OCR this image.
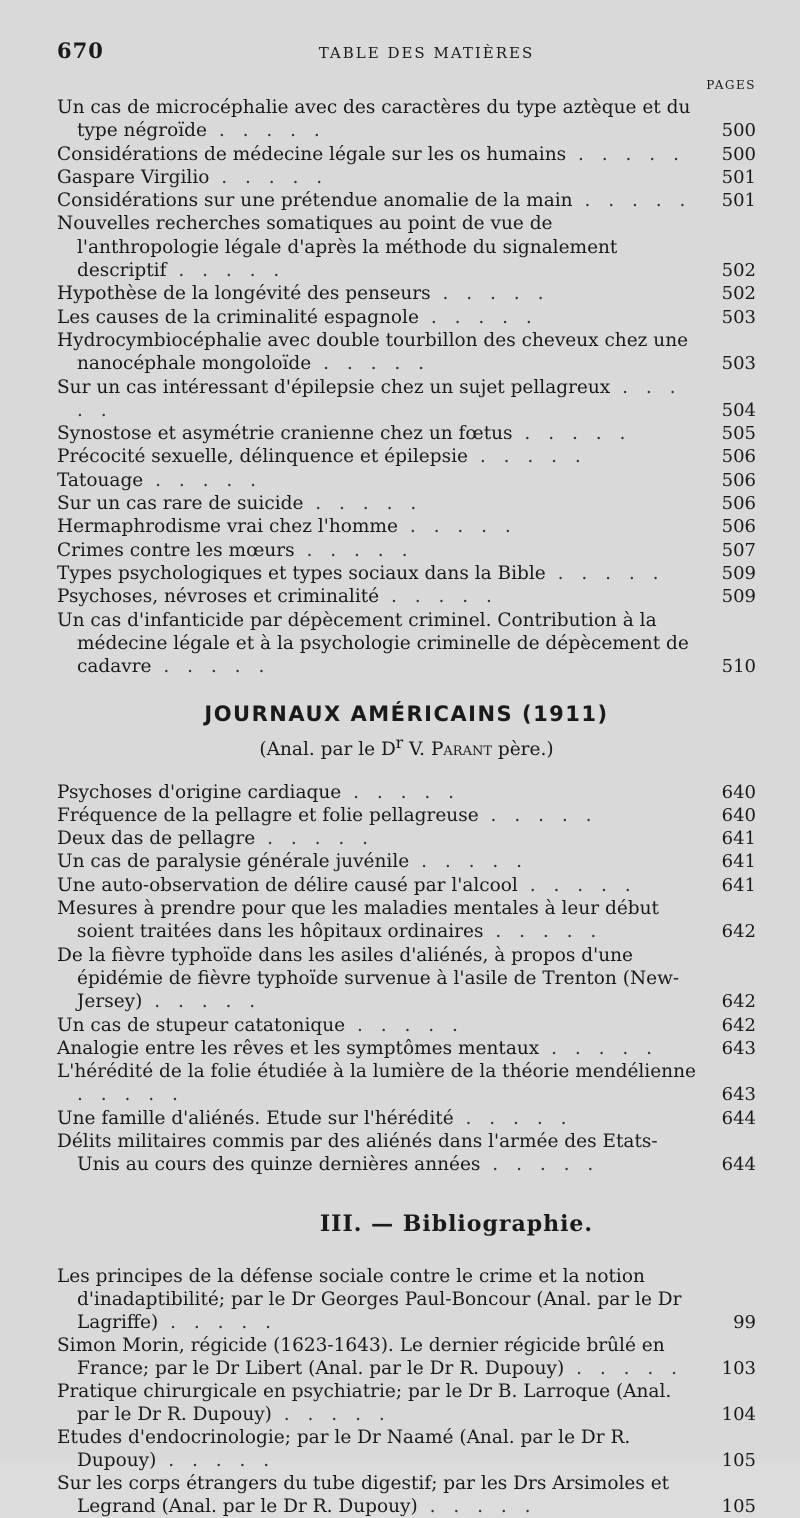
670	TABLE DES MATIÈRES
PAGES
Un cas de microcéphalie avec des caractères du type aztèque et du type négroïde . . . . .	500
Considérations de médecine légale sur les os humains . . . . . 500
Gaspare Virgilio . . . . .	501
Considérations sur une prétendue anomalie de la main . . . . . 501
Nouvelles recherches somatiques au point de vue de l'anthropologie légale d'après la méthode du signalement descriptif . . . . .	502
Hypothèse de la longévité des penseurs . . . . .	502
Les causes de la criminalité espagnole . . . . .	503
Hydrocymbiocéphalie avec double tourbillon des cheveux chez une nanocéphale mongoloïde . . . . .	503
Sur un cas intéressant d'épilepsie chez un sujet pellagreux . . . . .	504
Synostose et asymétrie cranienne chez un fœtus . . . . .	505
Précocité sexuelle, délinquence et épilepsie . . . . .	506
Tatouage . . . . .	506
Sur un cas rare de suicide . . . . .	506
Hermaphrodisme vrai chez l'homme . . . . .	506
Crimes contre les mœurs . . . . .	507
Types psychologiques et types sociaux dans la Bible . . . . .	509
Psychoses, névroses et criminalité . . . . .	509
Un cas d'infanticide par dépècement criminel. Contribution à la médecine légale et à la psychologie criminelle de dépècement de cadavre . . . . .	510
JOURNAUX AMÉRICAINS (1911)
(Anal. par le $D^r$ V. Parant père.)
Psychoses d'origine cardiaque . . . . .	640
Fréquence de la pellagre et folie pellagreuse . . . . .	640
Deux das de pellagre . . . . .	641
Un cas de paralysie générale juvénile . . . . .	641
Une auto-observation de délire causé par l'alcool . . . . .	641
Mesures à prendre pour que les maladies mentales à leur début soient traitées dans les hôpitaux ordinaires . . . . .	642
De la fièvre typhoïde dans les asiles d'aliénés, à propos d'une épidémie de fièvre typhoïde survenue à l'asile de Trenton (New-Jersey) . . . . .	642
Un cas de stupeur catatonique . . . . .	642
Analogie entre les rêves et les symptômes mentaux . . . . .	643
L'hérédité de la folie étudiée à la lumière de la théorie mendélienne . . . . .	643
Une famille d'aliénés. Etude sur l'hérédité . . . . .	644
Délits militaires commis par des aliénés dans l'armée des Etats-Unis au cours des quinze dernières années . . . . .	644
III. — Bibliographie.
Les principes de la défense sociale contre le crime et la notion d'inadaptibilité; par le Dr Georges Paul-Boncour (Anal. par le Dr Lagriffe) . . . . .	99
Simon Morin, régicide (1623-1643). Le dernier régicide brûlé en France; par le Dr Libert (Anal. par le Dr R. Dupouy) . . . . . 103
Pratique chirurgicale en psychiatrie; par le Dr B. Larroque (Anal. par le Dr R. Dupouy) . . . . .	104
Etudes d'endocrinologie; par le Dr Naamé (Anal. par le Dr R. Dupouy) . . . . .	105
Sur les corps étrangers du tube digestif; par les Drs Arsimoles et Legrand (Anal. par le Dr R. Dupouy) . . . . .	105
